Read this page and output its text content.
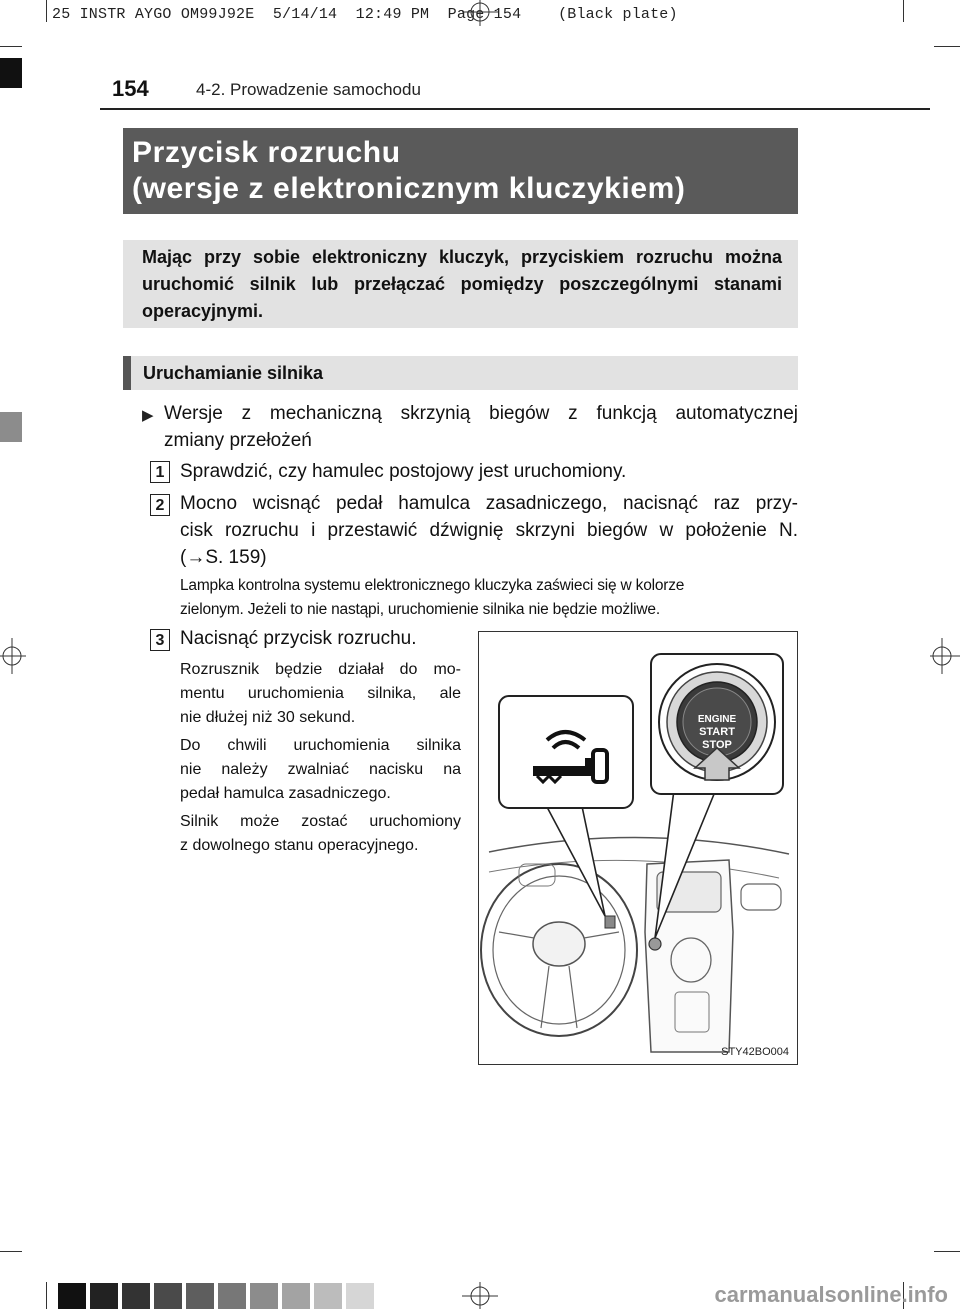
25 INSTR AYGO OM99J92E  5/14/14  12:49 PM  Page 154    (Black plate)
154	4-2. Prowadzenie samochodu
Przycisk rozruchu
(wersje z elektronicznym kluczykiem)
Mając przy sobie elektroniczny kluczyk, przyciskiem rozruchu można uruchomić silnik lub przełączać pomiędzy poszczególnymi stanami operacyjnymi.
Uruchamianie silnika
▶ Wersje z mechaniczną skrzynią biegów z funkcją automatycznej
zmiany przełożeń
1 Sprawdzić, czy hamulec postojowy jest uruchomiony.
2 Mocno wcisnąć pedał hamulca zasadniczego, nacisnąć raz przy-
cisk rozruchu i przestawić dźwignię skrzyni biegów w położenie N.
(→S. 159)
Lampka kontrolna systemu elektronicznego kluczyka zaświeci się w kolorze
zielonym. Jeżeli to nie nastąpi, uruchomienie silnika nie będzie możliwe.
3 Nacisnąć przycisk rozruchu.
Rozrusznik będzie działał do mo-
mentu uruchomienia silnika, ale
nie dłużej niż 30 sekund.
Do chwili uruchomienia silnika
nie należy zwalniać nacisku na
pedał hamulca zasadniczego.
Silnik może zostać uruchomiony
z dowolnego stanu operacyjnego.
ENGINE
START
STOP
STY42BO004
carmanualsonline.info
